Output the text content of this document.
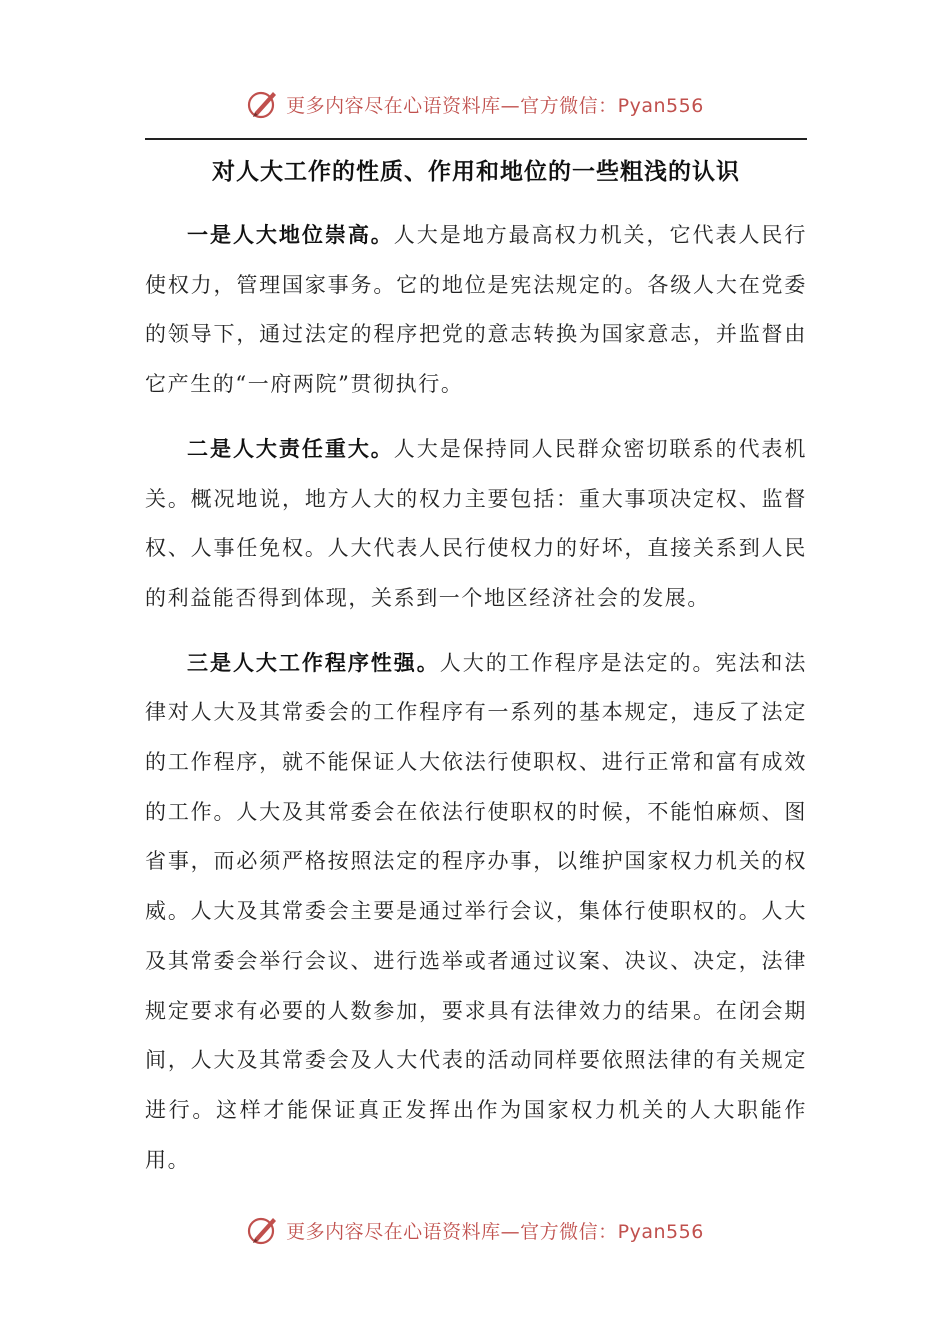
更多内容尽在心语资料库 —官方微信：Pyan556
对人大工作的性质、作用和地位的一些粗浅的认识

一是人大地位崇高。人大是地方最高权力机关，它代表人民行使权力，管理国家事务。它的地位是宪法规定的。各级人大在党委的领导下，通过法定的程序把党的意志转换为国家意志，并监督由它产生的“一府两院”贯彻执行。

二是人大责任重大。人大是保持同人民群众密切联系的代表机关。概况地说，地方人大的权力主要包括：重大事项决定权、监督权、人事任免权。人大代表人民行使权力的好坏，直接关系到人民的利益能否得到体现，关系到一个地区经济社会的发展。

三是人大工作程序性强。人大的工作程序是法定的。宪法和法律对人大及其常委会的工作程序有一系列的基本规定，违反了法定的工作程序，就不能保证人大依法行使职权、进行正常和富有成效的工作。人大及其常委会在依法行使职权的时候，不能怕麻烦、图省事，而必须严格按照法定的程序办事，以维护国家权力机关的权威。人大及其常委会主要是通过举行会议，集体行使职权的。人大及其常委会举行会议、进行选举或者通过议案、决议、决定，法律规定要求有必要的人数参加，要求具有法律效力的结果。在闭会期间，人大及其常委会及人大代表的活动同样要依照法律的有关规定进行。这样才能保证真正发挥出作为国家权力机关的人大职能作用。

更多内容尽在心语资料库 —官方微信：Pyan556
